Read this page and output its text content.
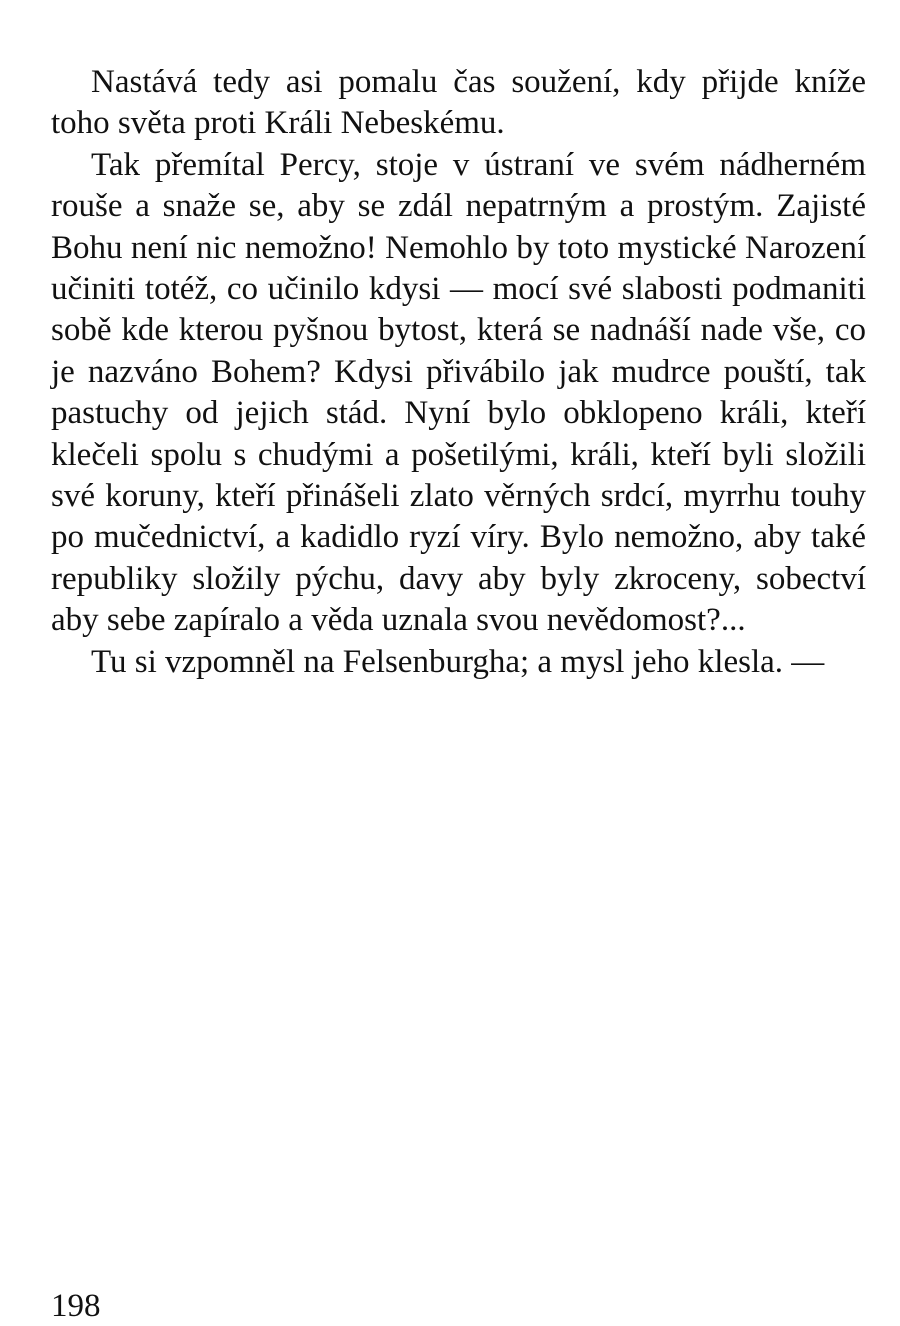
Nastává tedy asi pomalu čas soužení, kdy přijde kníže toho světa proti Králi Nebeskému.

Tak přemítal Percy, stoje v ústraní ve svém nádherném rouše a snaže se, aby se zdál nepatrným a prostým. Zajisté Bohu není nic nemožno! Nemohlo by toto mystické Narození učiniti totéž, co učinilo kdysi — mocí své slabosti podmaniti sobě kde kterou pyšnou bytost, která se nadnáší nade vše, co je nazváno Bohem? Kdysi přivábilo jak mudrce pouští, tak pastuchy od jejich stád. Nyní bylo obklopeno králi, kteří klečeli spolu s chudými a pošetilými, králi, kteří byli složili své koruny, kteří přinášeli zlato věrných srdcí, myrrhu touhy po mučednictví, a kadidlo ryzí víry. Bylo nemožno, aby také republiky složily pýchu, davy aby byly zkroceny, sobectví aby sebe zapíralo a věda uznala svou nevědomost?...

Tu si vzpomněl na Felsenburgha; a mysl jeho klesla. —

198
